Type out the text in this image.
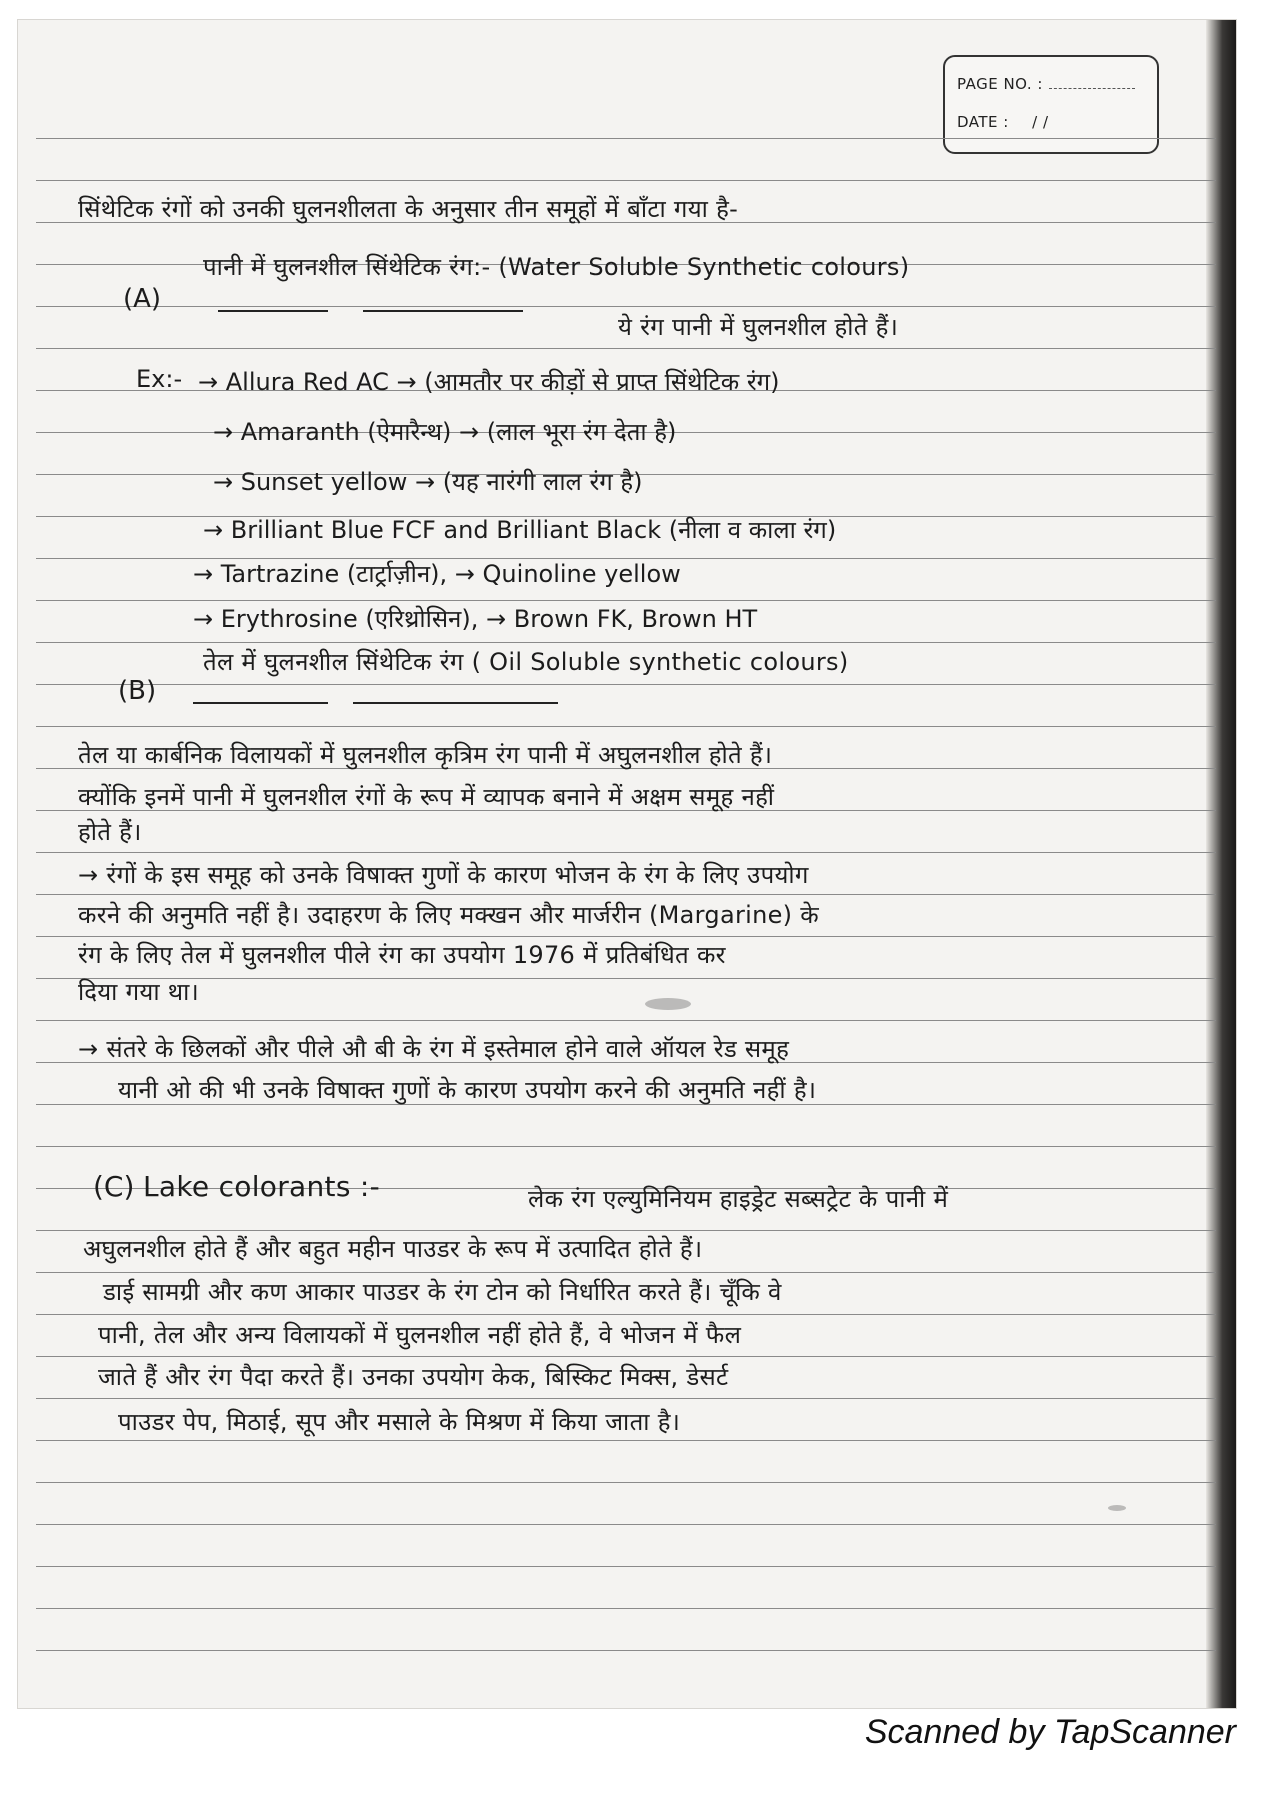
PAGE NO. :
DATE : / /
सिंथेटिक रंगों को उनकी घुलनशीलता के अनुसार तीन समूहों में बाँटा गया है-
(A)
पानी में घुलनशील सिंथेटिक रंग:- (Water Soluble Synthetic colours)
ये रंग पानी में घुलनशील होते हैं।
Ex:- → Allura Red AC → (आमतौर पर कीड़ों से प्राप्त सिंथेटिक रंग)
→ Amaranth (ऐमारैन्थ) → (लाल भूरा रंग देता है)
→ Sunset yellow → (यह नारंगी लाल रंग है)
→ Brilliant Blue FCF and Brilliant Black (नीला व काला रंग)
→ Tartrazine (टार्ट्राज़ीन), → Quinoline yellow
→ Erythrosine (एरिथ्रोसिन), → Brown FK, Brown HT
(B)
तेल में घुलनशील सिंथेटिक रंग ( Oil Soluble synthetic colours)
तेल या कार्बनिक विलायकों में घुलनशील कृत्रिम रंग पानी में अघुलनशील होते हैं।
क्योंकि इनमें पानी में घुलनशील रंगों के रूप में व्यापक बनाने में अक्षम समूह नहीं
होते हैं।
→ रंगों के इस समूह को उनके विषाक्त गुणों के कारण भोजन के रंग के लिए उपयोग
करने की अनुमति नहीं है। उदाहरण के लिए मक्खन और मार्जरीन (Margarine) के
रंग के लिए तेल में घुलनशील पीले रंग का उपयोग 1976 में प्रतिबंधित कर
दिया गया था।
→ संतरे के छिलकों और पीले औ बी के रंग में इस्तेमाल होने वाले ऑयल रेड समूह
यानी ओ की भी उनके विषाक्त गुणों के कारण उपयोग करने की अनुमति नहीं है।
(C) Lake colorants :-	लेक रंग एल्युमिनियम हाइड्रेट सब्सट्रेट के पानी में
अघुलनशील होते हैं और बहुत महीन पाउडर के रूप में उत्पादित होते हैं।
डाई सामग्री और कण आकार पाउडर के रंग टोन को निर्धारित करते हैं। चूँकि वे
पानी, तेल और अन्य विलायकों में घुलनशील नहीं होते हैं, वे भोजन में फैल
जाते हैं और रंग पैदा करते हैं। उनका उपयोग केक, बिस्किट मिक्स, डेसर्ट
पाउडर पेप, मिठाई, सूप और मसाले के मिश्रण में किया जाता है।
Scanned by TapScanner
